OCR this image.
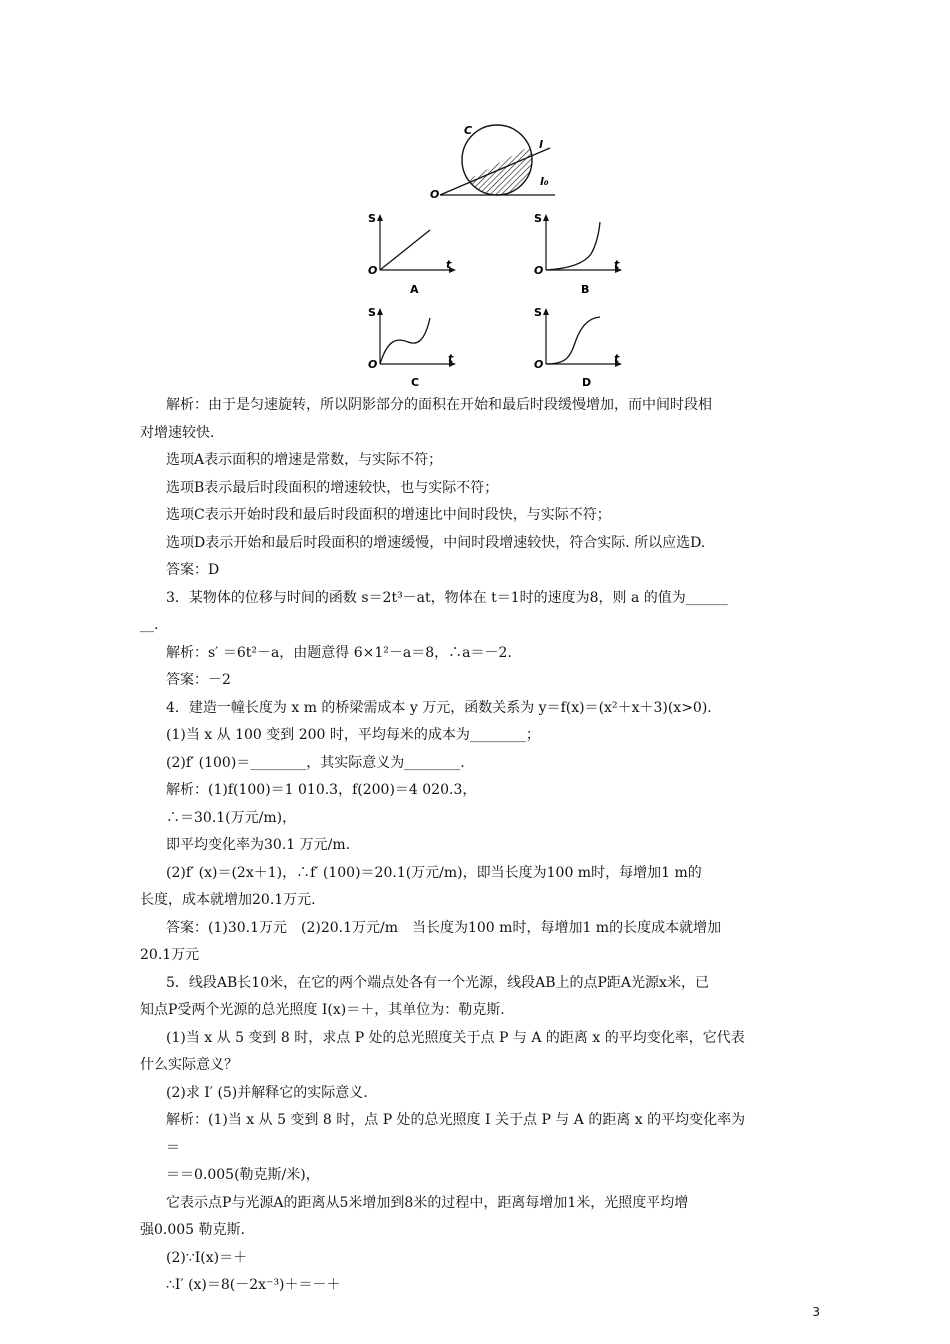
C
l
O
l₀
S
t
O
A
S
t
O
B
S
t
O
C
S
t
O
D
解析：由于是匀速旋转，所以阴影部分的面积在开始和最后时段缓慢增加，而中间时段相
对增速较快.
选项A表示面积的增速是常数，与实际不符；
选项B表示最后时段面积的增速较快，也与实际不符；
选项C表示开始时段和最后时段面积的增速比中间时段快，与实际不符；
选项D表示开始和最后时段面积的增速缓慢，中间时段增速较快，符合实际. 所以应选D.
答案：D
3．某物体的位移与时间的函数 s＝2t³－at，物体在 t＝1时的速度为8，则 a 的值为______
__.
解析：s′ ＝6t²－a，由题意得 6×1²－a＝8，∴a＝－2.
答案：－2
4．建造一幢长度为 x m 的桥梁需成本 y 万元，函数关系为 y＝f(x)＝(x²＋x＋3)(x>0).
(1)当 x 从 100 变到 200 时，平均每米的成本为________；
(2)f′ (100)＝________，其实际意义为________.
解析：(1)f(100)＝1 010.3，f(200)＝4 020.3，
∴＝30.1(万元/m)，
即平均变化率为30.1 万元/m.
(2)f′ (x)＝(2x＋1)，∴f′ (100)＝20.1(万元/m)，即当长度为100 m时，每增加1 m的
长度，成本就增加20.1万元.
答案：(1)30.1万元　(2)20.1万元/m　当长度为100 m时，每增加1 m的长度成本就增加
20.1万元
5．线段AB长10米，在它的两个端点处各有一个光源，线段AB上的点P距A光源x米，已
知点P受两个光源的总光照度 I(x)＝＋，其单位为：勒克斯.
(1)当 x 从 5 变到 8 时，求点 P 处的总光照度关于点 P 与 A 的距离 x 的平均变化率，它代表
什么实际意义？
(2)求 I′ (5)并解释它的实际意义.
解析：(1)当 x 从 5 变到 8 时，点 P 处的总光照度 I 关于点 P 与 A 的距离 x 的平均变化率为
＝
＝＝0.005(勒克斯/米)，
它表示点P与光源A的距离从5米增加到8米的过程中，距离每增加1米，光照度平均增
强0.005 勒克斯.
(2)∵I(x)＝＋
∴I′ (x)＝8(－2x⁻³)＋＝－＋
3
